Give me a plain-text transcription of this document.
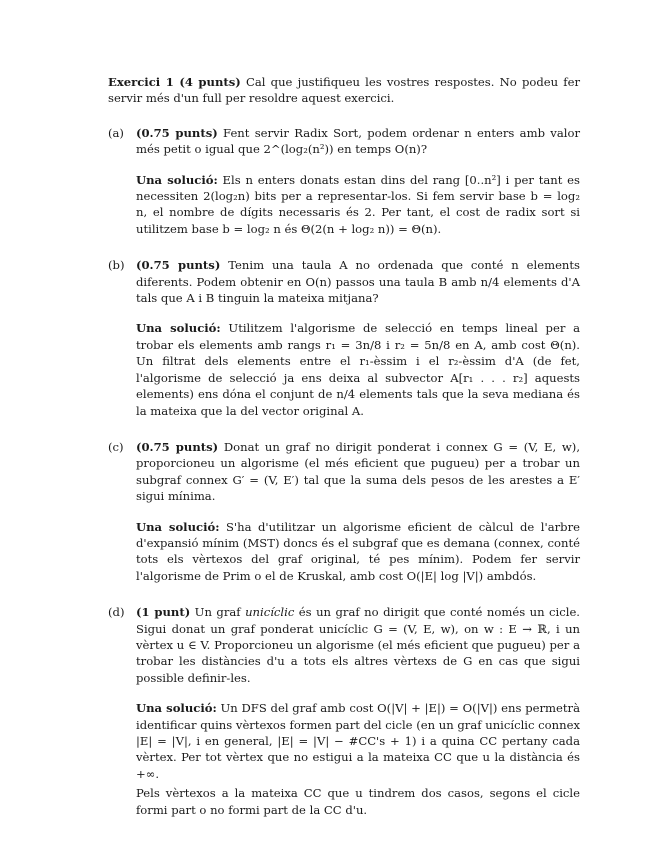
Exercici 1 (4 punts) Cal que justifiqueu les vostres respostes. No podeu fer servir més d'un full per resoldre aquest exercici.

(a)	(0.75 punts) Fent servir Radix Sort, podem ordenar n enters amb valor més petit o igual que 2^(log₂(n²)) en temps O(n)?

Una solució: Els n enters donats estan dins del rang [0..n²] i per tant es necessiten 2(log₂n) bits per a representar-los. Si fem servir base b = log₂ n, el nombre de dígits necessaris és 2. Per tant, el cost de radix sort si utilitzem base b = log₂ n és Θ(2(n + log₂ n)) = Θ(n).

(b) (0.75 punts) Tenim una taula A no ordenada que conté n elements diferents. Podem obtenir en O(n) passos una taula B amb n/4 elements d'A tals que A i B tinguin la mateixa mitjana?

Una solució: Utilitzem l'algorisme de selecció en temps lineal per a trobar els elements amb rangs r₁ = 3n/8 i r₂ = 5n/8 en A, amb cost Θ(n). Un filtrat dels elements entre el r₁-èssim i el r₂-èssim d'A (de fet, l'algorisme de selecció ja ens deixa al subvector A[r₁ . . . r₂] aquests elements) ens dóna el conjunt de n/4 elements tals que la seva mediana és la mateixa que la del vector original A.

(c)	(0.75 punts) Donat un graf no dirigit ponderat i connex G = (V, E, w), proporcioneu un algorisme (el més eficient que pugueu) per a trobar un subgraf connex G′ = (V, E′) tal que la suma dels pesos de les arestes a E′ sigui mínima.

Una solució: S'ha d'utilitzar un algorisme eficient de càlcul de l'arbre d'expansió mínim (MST) doncs és el subgraf que es demana (connex, conté tots els vèrtexos del graf original, té pes mínim). Podem fer servir l'algorisme de Prim o el de Kruskal, amb cost O(|E| log |V|) ambdós.

(d) (1 punt) Un graf unicíclic és un graf no dirigit que conté només un cicle. Sigui donat un graf ponderat unicíclic G = (V, E, w), on w : E → ℝ, i un vèrtex u ∈ V. Proporcioneu un algorisme (el més eficient que pugueu) per a trobar les distàncies d'u a tots els altres vèrtexs de G en cas que sigui possible definir-les.

Una solució: Un DFS del graf amb cost O(|V| + |E|) = O(|V|) ens permetrà identificar quins vèrtexos formen part del cicle (en un graf unicíclic connex |E| = |V|, i en general, |E| = |V| − #CC's + 1) i a quina CC pertany cada vèrtex. Per tot vèrtex que no estigui a la mateixa CC que u la distància és +∞.

Pels vèrtexos a la mateixa CC que u tindrem dos casos, segons el cicle formi part o no formi part de la CC d'u.
